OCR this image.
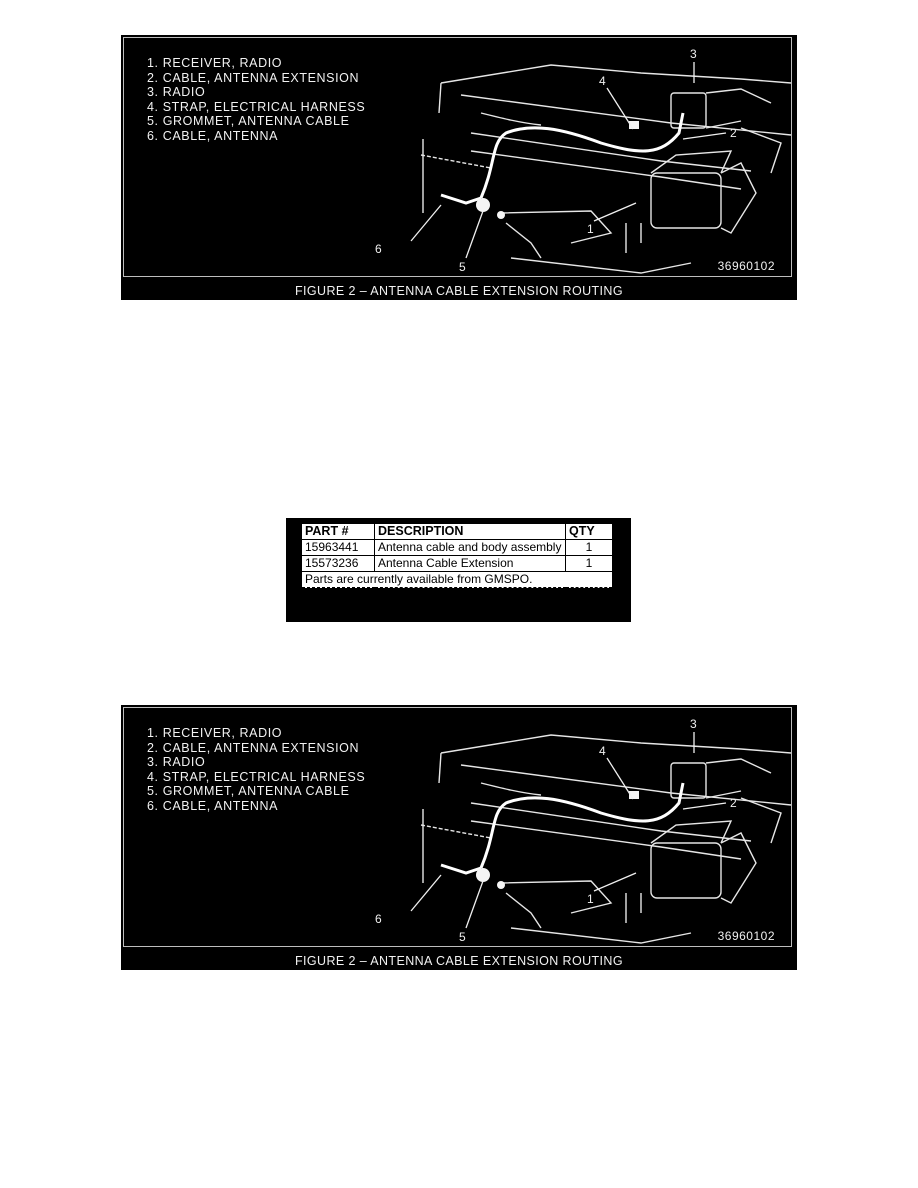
1. RECEIVER, RADIO
2. CABLE, ANTENNA EXTENSION
3. RADIO
4. STRAP, ELECTRICAL HARNESS
5. GROMMET, ANTENNA CABLE
6. CABLE, ANTENNA
3
4
2
1
5
6
36960102
FIGURE 2 – ANTENNA CABLE EXTENSION ROUTING
PART #	DESCRIPTION	QTY
15963441	Antenna cable and body assembly	1
15573236	Antenna Cable Extension	1
Parts are currently available from GMSPO.		
1. RECEIVER, RADIO
2. CABLE, ANTENNA EXTENSION
3. RADIO
4. STRAP, ELECTRICAL HARNESS
5. GROMMET, ANTENNA CABLE
6. CABLE, ANTENNA
3
4
2
1
5
6
36960102
FIGURE 2 – ANTENNA CABLE EXTENSION ROUTING
